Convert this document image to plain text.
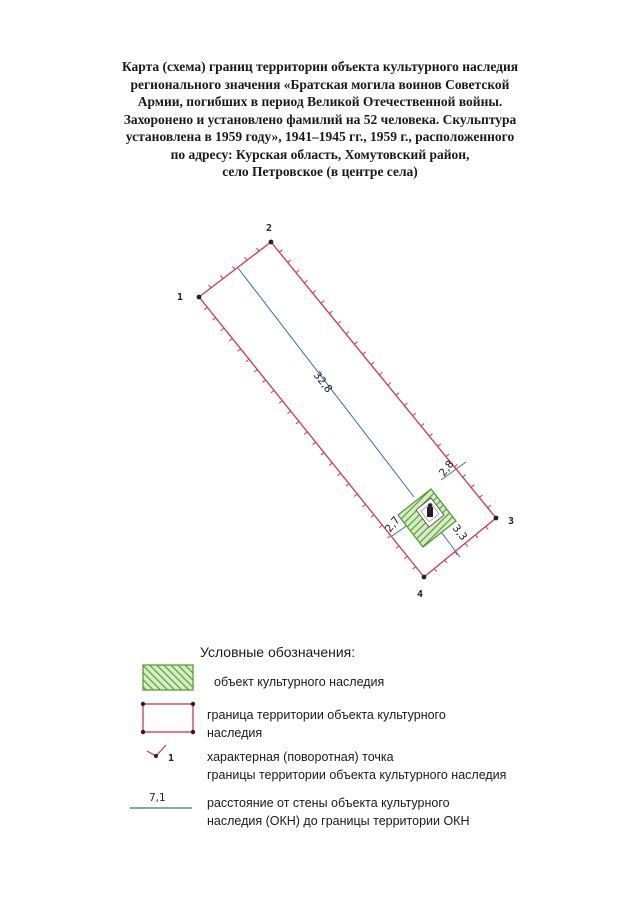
Карта (схема) границ территории объекта культурного наследия
регионального значения «Братская могила воинов Советской
Армии, погибших в период Великой Отечественной войны.
Захоронено и установлено фамилий на 52 человека. Скульптура
установлена в 1959 году», 1941–1945 гг., 1959 г., расположенного
по адресу: Курская область, Хомутовский район,
село Петровское (в центре села)
1
2
3
4
32,8
2,8
2,7	3,3
1
7,1
Условные обозначения:
объект культурного наследия
граница территории объекта культурного
наследия
характерная (поворотная) точка
границы территории объекта культурного наследия
расстояние от стены объекта культурного
наследия (ОКН) до границы территории ОКН
